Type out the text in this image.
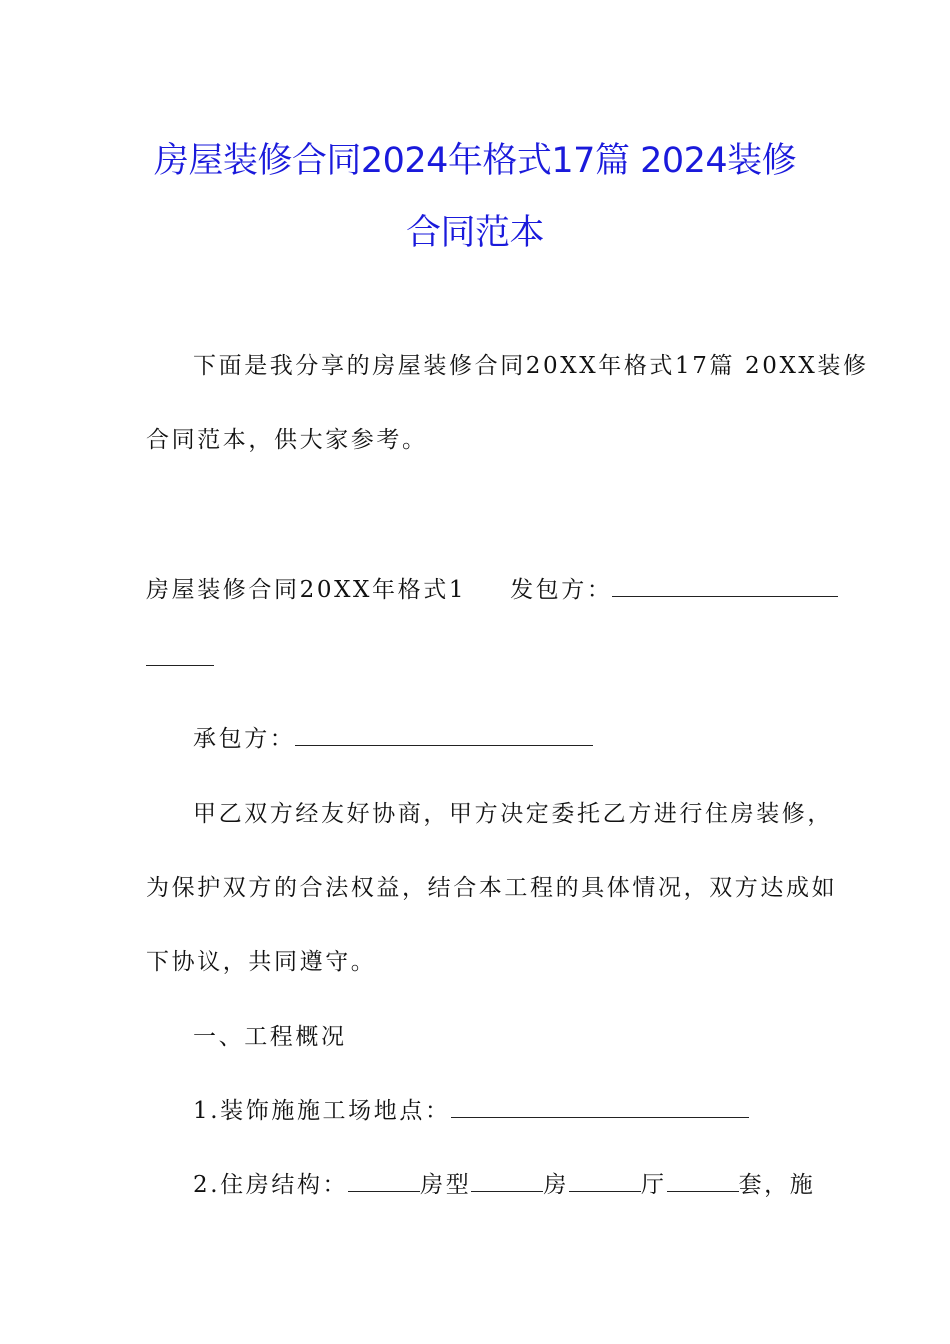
房屋装修合同2024年格式17篇 2024装修
合同范本
下面是我分享的房屋装修合同20XX年格式17篇 20XX装修
合同范本，供大家参考。
房屋装修合同20XX年格式1 发包方：
承包方：
甲乙双方经友好协商，甲方决定委托乙方进行住房装修，
为保护双方的合法权益，结合本工程的具体情况，双方达成如
下协议，共同遵守。
一、工程概况
1.装饰施施工场地点：
2.住房结构：	房型	房	厅	套，施
